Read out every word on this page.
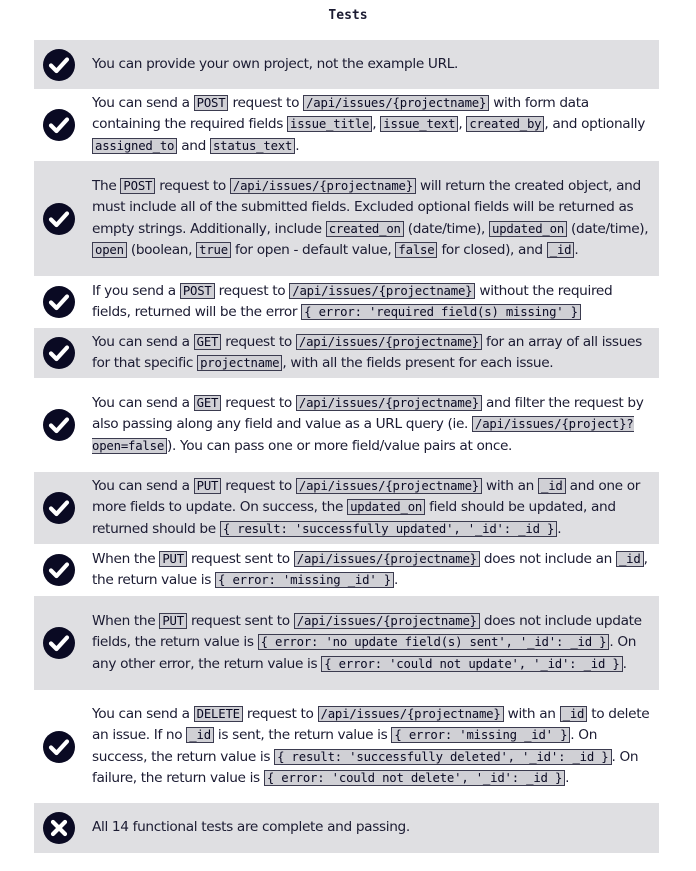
Tests
You can provide your own project, not the example URL.
You can send a POST request to /api/issues/{projectname} with form data containing the required fields issue_title , issue_text , created_by , and optionally assigned_to and status_text .
The POST request to /api/issues/{projectname} will return the created object, and must include all of the submitted fields. Excluded optional fields will be returned as empty strings. Additionally, include created_on (date/time), updated_on (date/time), open (boolean, true for open - default value, false for closed), and _id .
If you send a POST request to /api/issues/{projectname} without the required fields, returned will be the error { error: 'required field(s) missing' }
You can send a GET request to /api/issues/{projectname} for an array of all issues for that specific projectname , with all the fields present for each issue.
You can send a GET request to /api/issues/{projectname} and filter the request by also passing along any field and value as a URL query (ie. /api/issues/{project}?open=false ). You can pass one or more field/value pairs at once.
You can send a PUT request to /api/issues/{projectname} with an _id and one or more fields to update. On success, the updated_on field should be updated, and returned should be { result: 'successfully updated', '_id': _id } .
When the PUT request sent to /api/issues/{projectname} does not include an _id , the return value is { error: 'missing _id' } .
When the PUT request sent to /api/issues/{projectname} does not include update fields, the return value is { error: 'no update field(s) sent', '_id': _id } . On any other error, the return value is { error: 'could not update', '_id': _id } .
You can send a DELETE request to /api/issues/{projectname} with an _id to delete an issue. If no _id is sent, the return value is { error: 'missing _id' } . On success, the return value is { result: 'successfully deleted', '_id': _id } . On failure, the return value is { error: 'could not delete', '_id': _id } .
All 14 functional tests are complete and passing.
